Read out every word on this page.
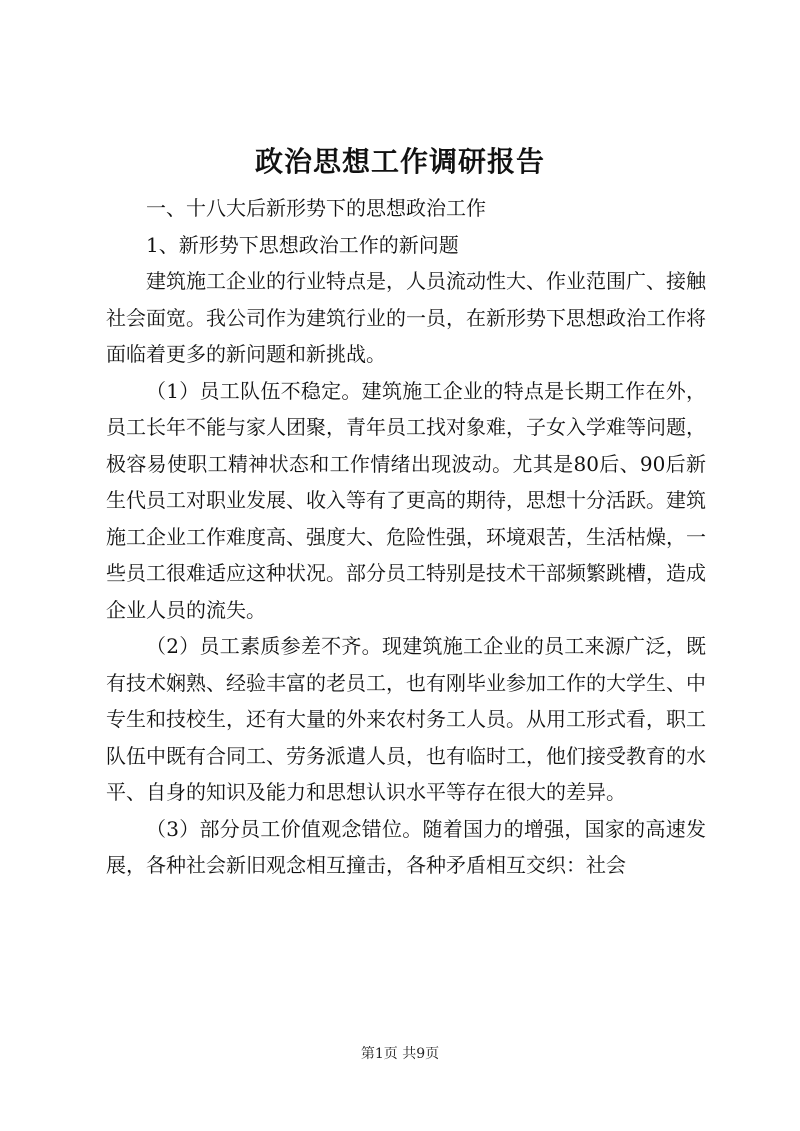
政治思想工作调研报告

一、十八大后新形势下的思想政治工作

1、新形势下思想政治工作的新问题

建筑施工企业的行业特点是，人员流动性大、作业范围广、接触社会面宽。我公司作为建筑行业的一员，在新形势下思想政治工作将面临着更多的新问题和新挑战。

（1）员工队伍不稳定。建筑施工企业的特点是长期工作在外，员工长年不能与家人团聚，青年员工找对象难，子女入学难等问题，极容易使职工精神状态和工作情绪出现波动。尤其是80后、90后新生代员工对职业发展、收入等有了更高的期待，思想十分活跃。建筑施工企业工作难度高、强度大、危险性强，环境艰苦，生活枯燥，一些员工很难适应这种状况。部分员工特别是技术干部频繁跳槽，造成企业人员的流失。

（2）员工素质参差不齐。现建筑施工企业的员工来源广泛，既有技术娴熟、经验丰富的老员工，也有刚毕业参加工作的大学生、中专生和技校生，还有大量的外来农村务工人员。从用工形式看，职工队伍中既有合同工、劳务派遣人员，也有临时工，他们接受教育的水平、自身的知识及能力和思想认识水平等存在很大的差异。

（3）部分员工价值观念错位。随着国力的增强，国家的高速发展，各种社会新旧观念相互撞击，各种矛盾相互交织：社会

第1页 共9页
